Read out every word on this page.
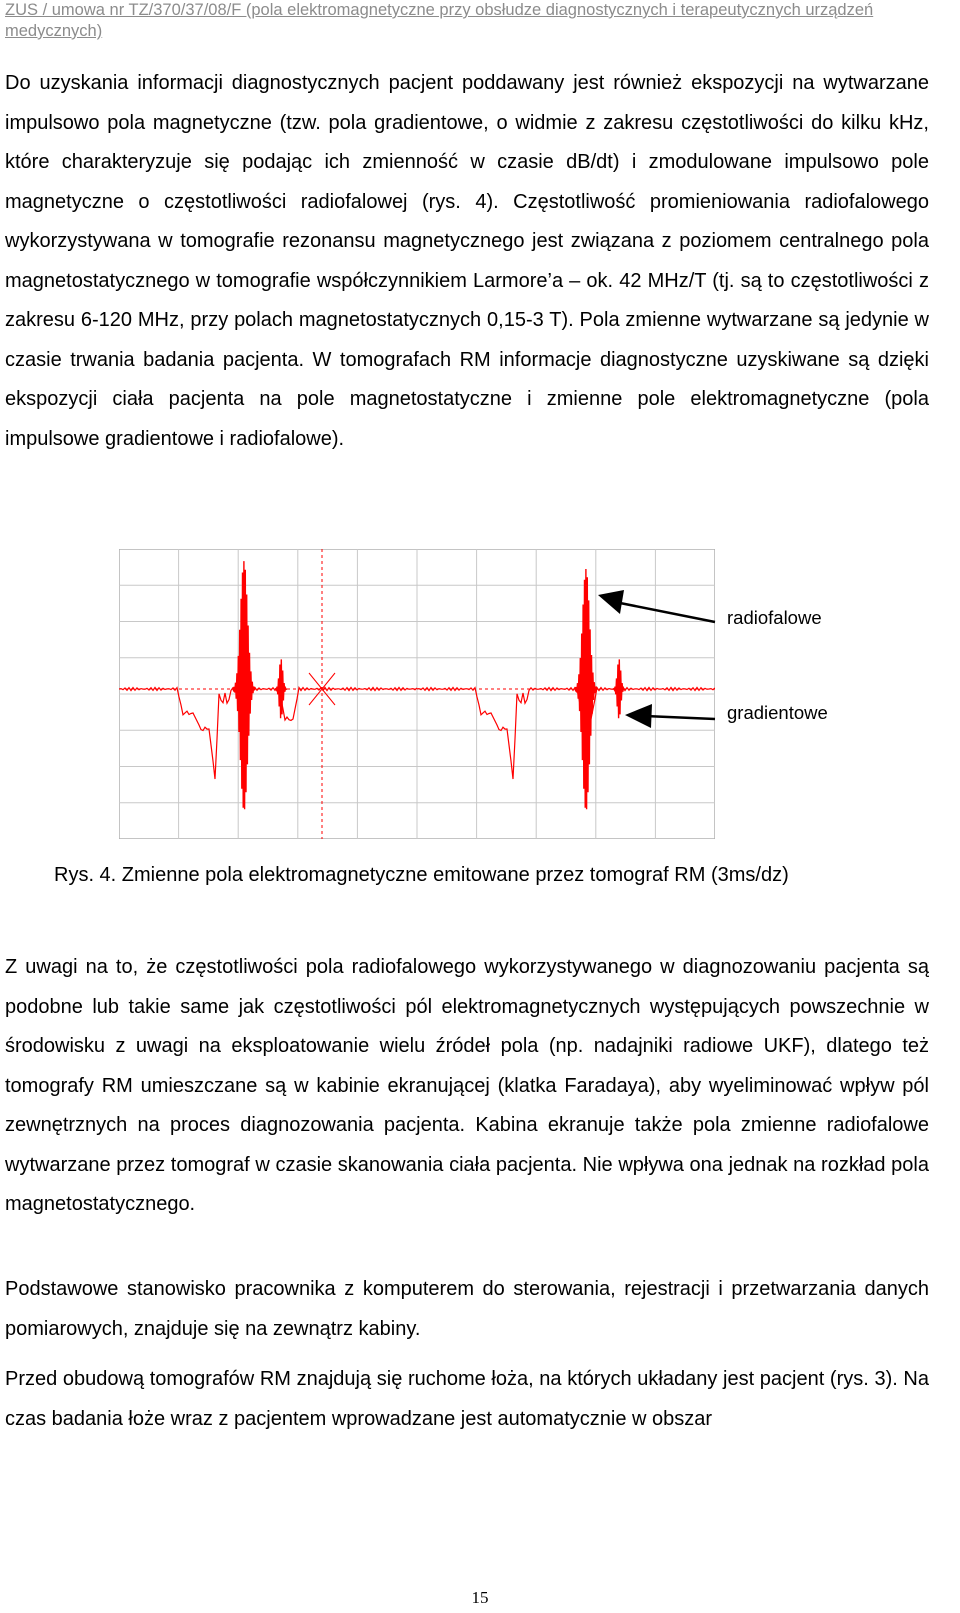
ZUS / umowa nr TZ/370/37/08/F (pola elektromagnetyczne przy obsłudze diagnostycznych i terapeutycznych urządzeń medycznych)
Do uzyskania informacji diagnostycznych pacjent poddawany jest również ekspozycji na wytwarzane impulsowo pola magnetyczne (tzw. pola gradientowe, o widmie z zakresu częstotliwości do kilku kHz, które charakteryzuje się podając ich zmienność w czasie dB/dt) i zmodulowane impulsowo pole magnetyczne o częstotliwości radiofalowej (rys. 4). Częstotliwość promieniowania radiofalowego wykorzystywana w tomografie rezonansu magnetycznego jest związana z poziomem centralnego pola magnetostatycznego w tomografie współczynnikiem Larmore’a – ok. 42 MHz/T (tj. są to częstotliwości z zakresu 6-120 MHz, przy polach magnetostatycznych 0,15-3 T). Pola zmienne wytwarzane są jedynie w czasie trwania badania pacjenta. W tomografach RM informacje diagnostyczne uzyskiwane są dzięki ekspozycji ciała pacjenta na pole magnetostatyczne i zmienne pole elektromagnetyczne (pola impulsowe gradientowe i radiofalowe).
radiofalowe
gradientowe
Rys. 4. Zmienne pola elektromagnetyczne emitowane przez tomograf RM (3ms/dz)
Z uwagi na to, że częstotliwości pola radiofalowego wykorzystywanego w diagnozowaniu pacjenta są podobne lub takie same jak częstotliwości pól elektromagnetycznych występujących powszechnie w środowisku z uwagi na eksploatowanie wielu źródeł pola (np. nadajniki radiowe UKF), dlatego też tomografy RM umieszczane są w kabinie ekranującej (klatka Faradaya), aby wyeliminować wpływ pól zewnętrznych na proces diagnozowania pacjenta. Kabina ekranuje także pola zmienne radiofalowe wytwarzane przez tomograf w czasie skanowania ciała pacjenta. Nie wpływa ona jednak na rozkład pola magnetostatycznego.
Podstawowe stanowisko pracownika z komputerem do sterowania, rejestracji i przetwarzania danych pomiarowych, znajduje się na zewnątrz kabiny.
Przed obudową tomografów RM znajdują się ruchome łoża, na których układany jest pacjent (rys. 3). Na czas badania łoże wraz z pacjentem wprowadzane jest automatycznie w obszar
15
